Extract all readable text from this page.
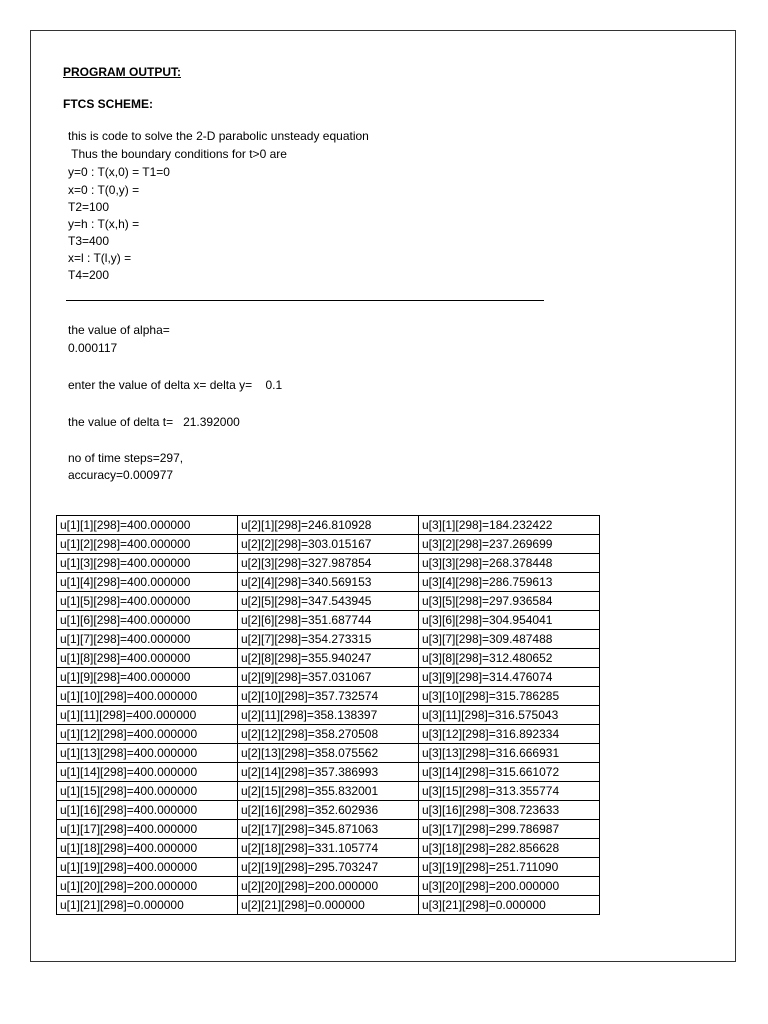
PROGRAM OUTPUT:
FTCS SCHEME:
this is code to solve the 2-D parabolic unsteady equation
Thus the boundary conditions for t>0 are
y=0 : T(x,0) = T1=0
x=0 : T(0,y) =
T2=100
y=h : T(x,h) =
T3=400
x=l : T(l,y) =
T4=200
the value of alpha=
0.000117
enter the value of delta x= delta y=    0.1
the value of delta t=   21.392000
no of time steps=297,
accuracy=0.000977
u[1][1][298]=400.000000	u[2][1][298]=246.810928	u[3][1][298]=184.232422
u[1][2][298]=400.000000	u[2][2][298]=303.015167	u[3][2][298]=237.269699
u[1][3][298]=400.000000	u[2][3][298]=327.987854	u[3][3][298]=268.378448
u[1][4][298]=400.000000	u[2][4][298]=340.569153	u[3][4][298]=286.759613
u[1][5][298]=400.000000	u[2][5][298]=347.543945	u[3][5][298]=297.936584
u[1][6][298]=400.000000	u[2][6][298]=351.687744	u[3][6][298]=304.954041
u[1][7][298]=400.000000	u[2][7][298]=354.273315	u[3][7][298]=309.487488
u[1][8][298]=400.000000	u[2][8][298]=355.940247	u[3][8][298]=312.480652
u[1][9][298]=400.000000	u[2][9][298]=357.031067	u[3][9][298]=314.476074
u[1][10][298]=400.000000	u[2][10][298]=357.732574	u[3][10][298]=315.786285
u[1][11][298]=400.000000	u[2][11][298]=358.138397	u[3][11][298]=316.575043
u[1][12][298]=400.000000	u[2][12][298]=358.270508	u[3][12][298]=316.892334
u[1][13][298]=400.000000	u[2][13][298]=358.075562	u[3][13][298]=316.666931
u[1][14][298]=400.000000	u[2][14][298]=357.386993	u[3][14][298]=315.661072
u[1][15][298]=400.000000	u[2][15][298]=355.832001	u[3][15][298]=313.355774
u[1][16][298]=400.000000	u[2][16][298]=352.602936	u[3][16][298]=308.723633
u[1][17][298]=400.000000	u[2][17][298]=345.871063	u[3][17][298]=299.786987
u[1][18][298]=400.000000	u[2][18][298]=331.105774	u[3][18][298]=282.856628
u[1][19][298]=400.000000	u[2][19][298]=295.703247	u[3][19][298]=251.711090
u[1][20][298]=200.000000	u[2][20][298]=200.000000	u[3][20][298]=200.000000
u[1][21][298]=0.000000	u[2][21][298]=0.000000	u[3][21][298]=0.000000
